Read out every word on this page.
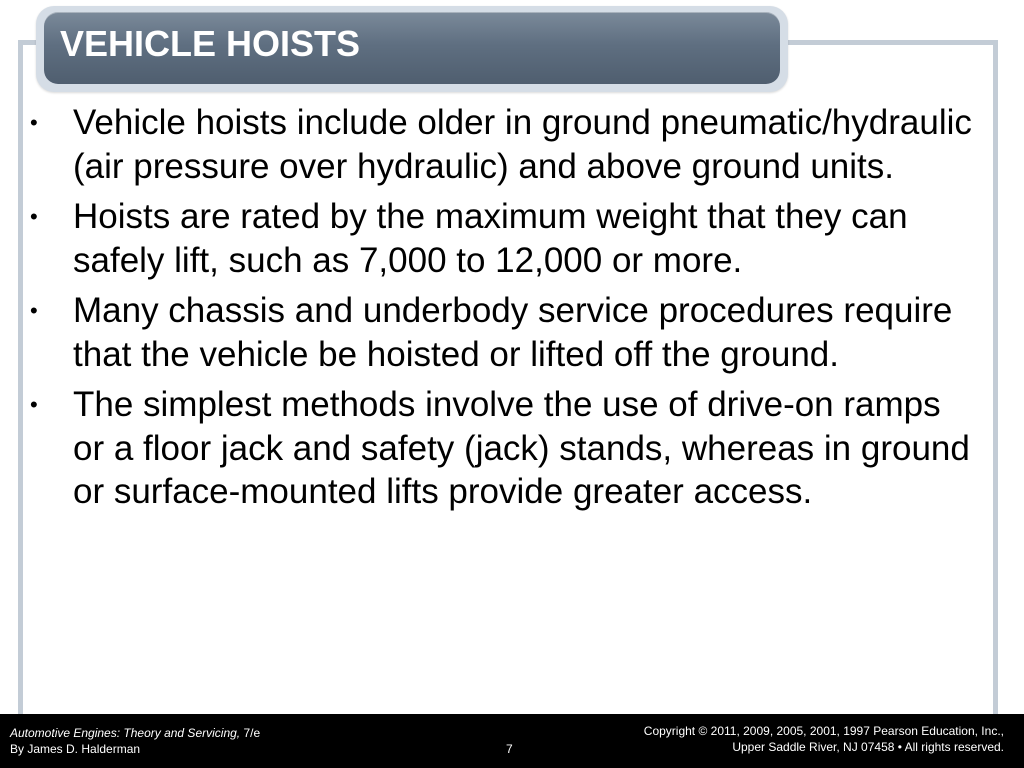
VEHICLE HOISTS
• Vehicle hoists include older in ground pneumatic/hydraulic (air pressure over hydraulic) and above ground units.
• Hoists are rated by the maximum weight that they can safely lift, such as 7,000 to 12,000 or more.
• Many chassis and underbody service procedures require that the vehicle be hoisted or lifted off the ground.
• The simplest methods involve the use of drive-on ramps or a floor jack and safety (jack) stands, whereas in ground or surface-mounted lifts provide greater access.
Automotive Engines: Theory and Servicing, 7/e
By James D. Halderman	7
Copyright © 2011, 2009, 2005, 2001, 1997 Pearson Education, Inc.,
Upper Saddle River, NJ 07458 • All rights reserved.
